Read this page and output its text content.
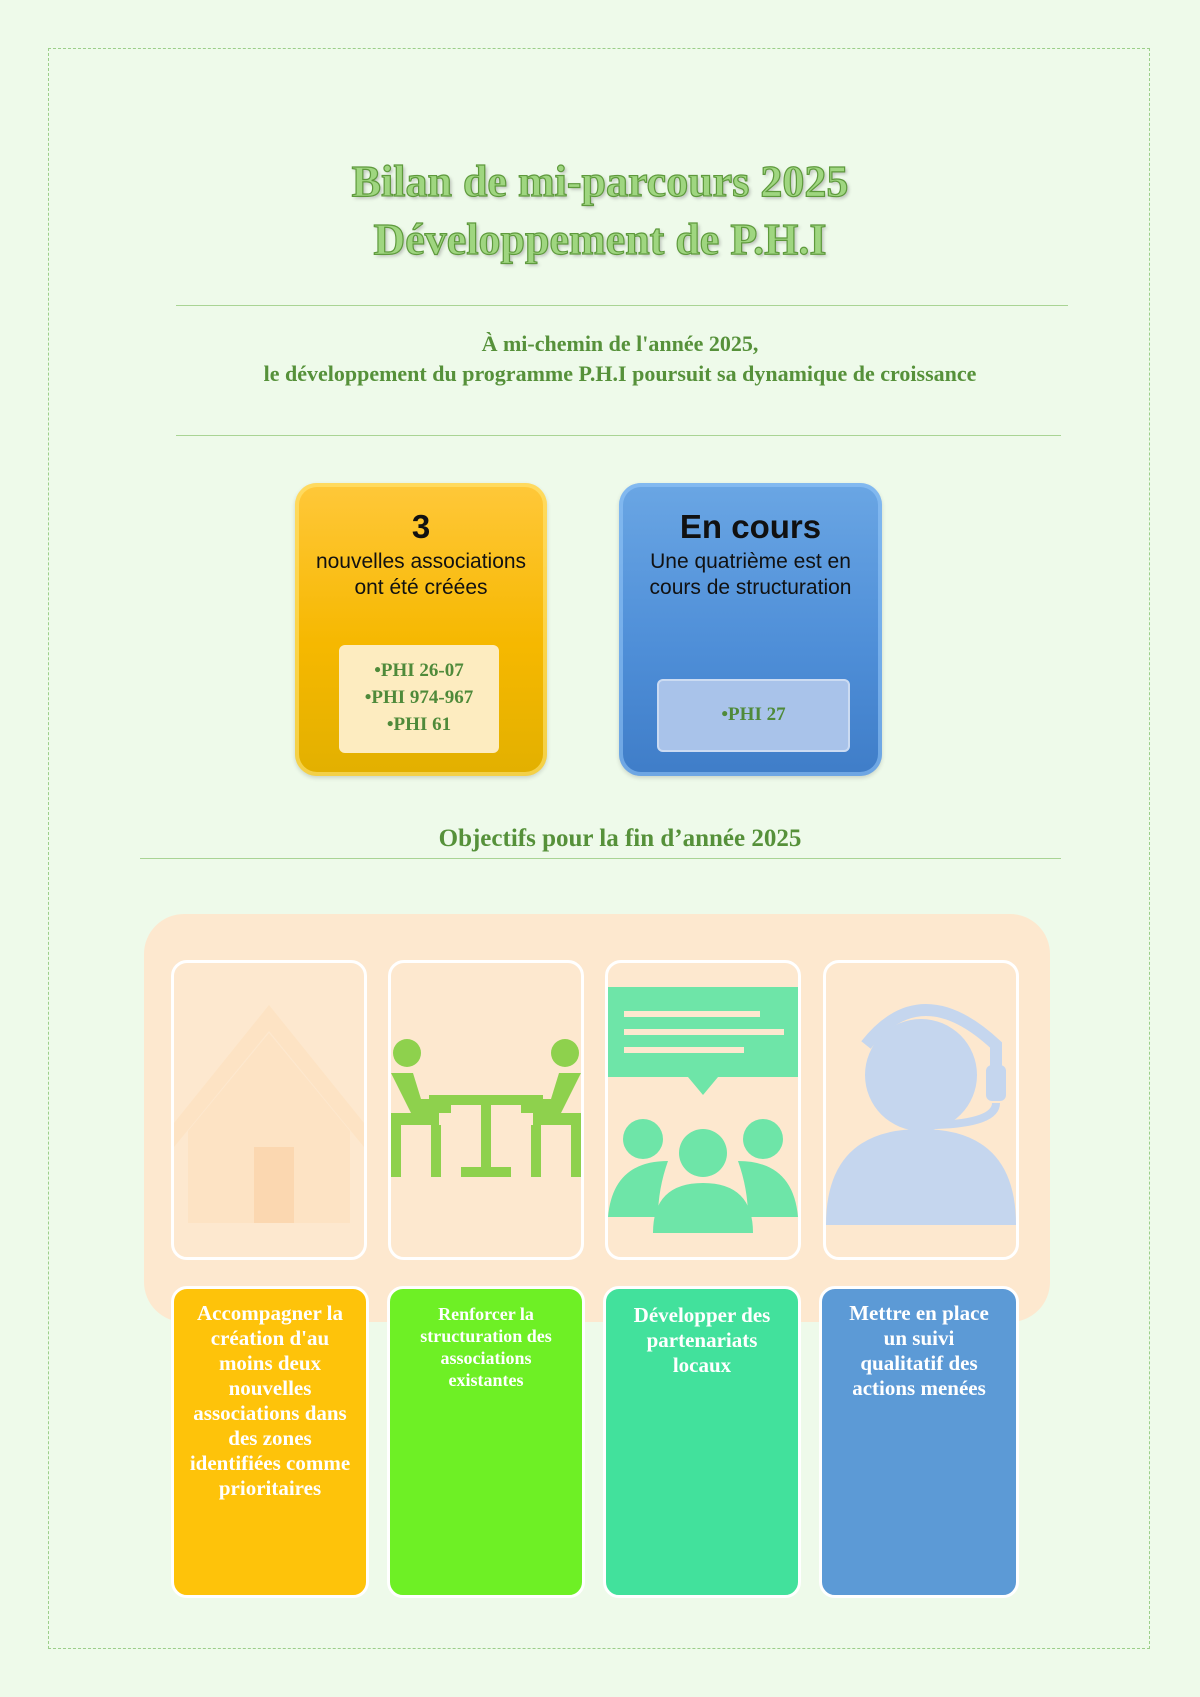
Bilan de mi-parcours 2025
Développement de P.H.I
À mi-chemin de l'année 2025,
le développement du programme P.H.I poursuit sa dynamique de croissance
3
nouvelles associations ont été créées
•PHI 26-07
•PHI 974-967
•PHI 61
En cours
Une quatrième est en cours de structuration
•PHI 27
Objectifs pour la fin d’année 2025
Accompagner la création d'au moins deux nouvelles associations dans des zones identifiées comme prioritaires
Renforcer la structuration des associations existantes
Développer des partenariats locaux
Mettre en place un suivi qualitatif des actions menées
